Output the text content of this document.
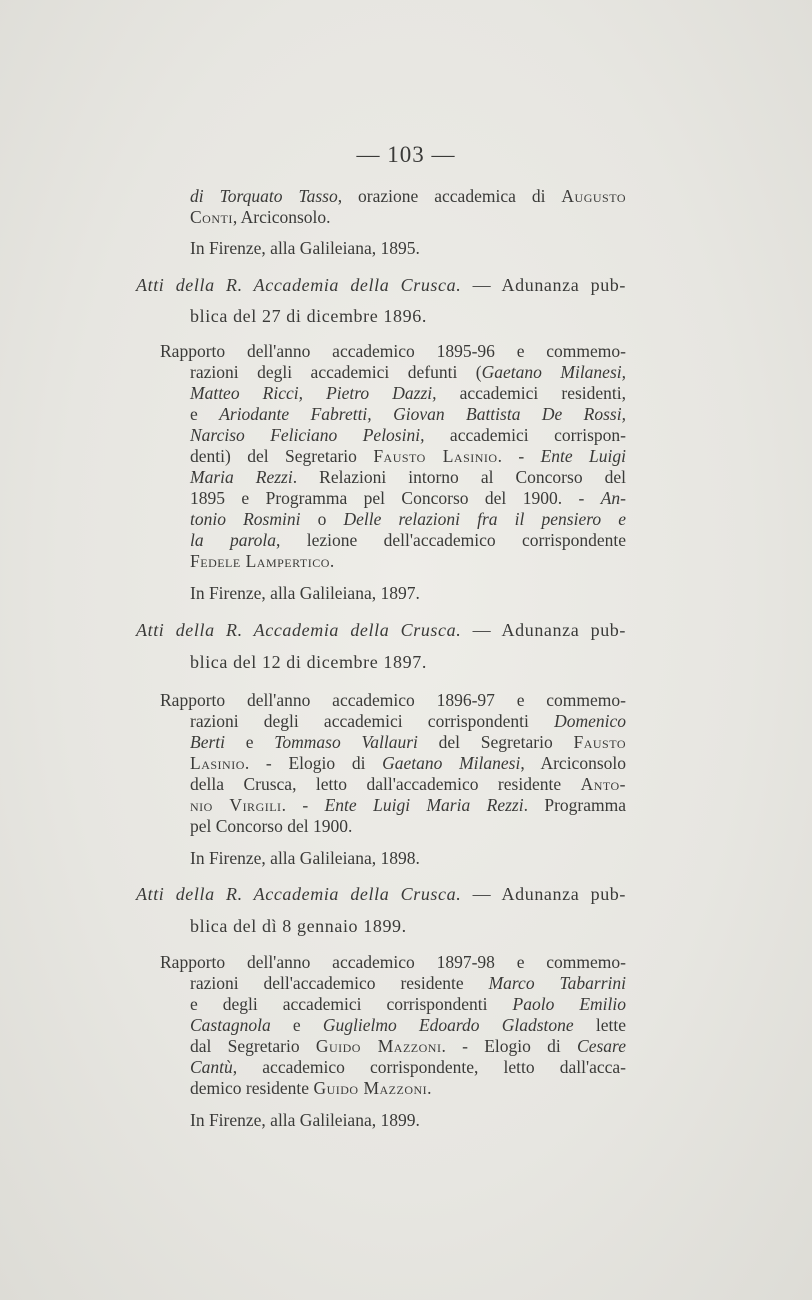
— 103 —
di Torquato Tasso, orazione accademica di Augusto
Conti, Arciconsolo.
In Firenze, alla Galileiana, 1895.
Atti della R. Accademia della Crusca. — Adunanza pub-
blica del 27 di dicembre 1896.
Rapporto dell'anno accademico 1895-96 e commemo-
razioni degli accademici defunti (Gaetano Milanesi,
Matteo Ricci, Pietro Dazzi, accademici residenti,
e Ariodante Fabretti, Giovan Battista De Rossi,
Narciso Feliciano Pelosini, accademici corrispon-
denti) del Segretario Fausto Lasinio. - Ente Luigi
Maria Rezzi. Relazioni intorno al Concorso del
1895 e Programma pel Concorso del 1900. - An-
tonio Rosmini o Delle relazioni fra il pensiero e
la parola, lezione dell'accademico corrispondente
Fedele Lampertico.
In Firenze, alla Galileiana, 1897.
Atti della R. Accademia della Crusca. — Adunanza pub-
blica del 12 di dicembre 1897.
Rapporto dell'anno accademico 1896-97 e commemo-
razioni degli accademici corrispondenti Domenico
Berti e Tommaso Vallauri del Segretario Fausto
Lasinio. - Elogio di Gaetano Milanesi, Arciconsolo
della Crusca, letto dall'accademico residente Anto-
nio Virgili. - Ente Luigi Maria Rezzi. Programma
pel Concorso del 1900.
In Firenze, alla Galileiana, 1898.
Atti della R. Accademia della Crusca. — Adunanza pub-
blica del dì 8 gennaio 1899.
Rapporto dell'anno accademico 1897-98 e commemo-
razioni dell'accademico residente Marco Tabarrini
e degli accademici corrispondenti Paolo Emilio
Castagnola e Guglielmo Edoardo Gladstone lette
dal Segretario Guido Mazzoni. - Elogio di Cesare
Cantù, accademico corrispondente, letto dall'acca-
demico residente Guido Mazzoni.
In Firenze, alla Galileiana, 1899.
